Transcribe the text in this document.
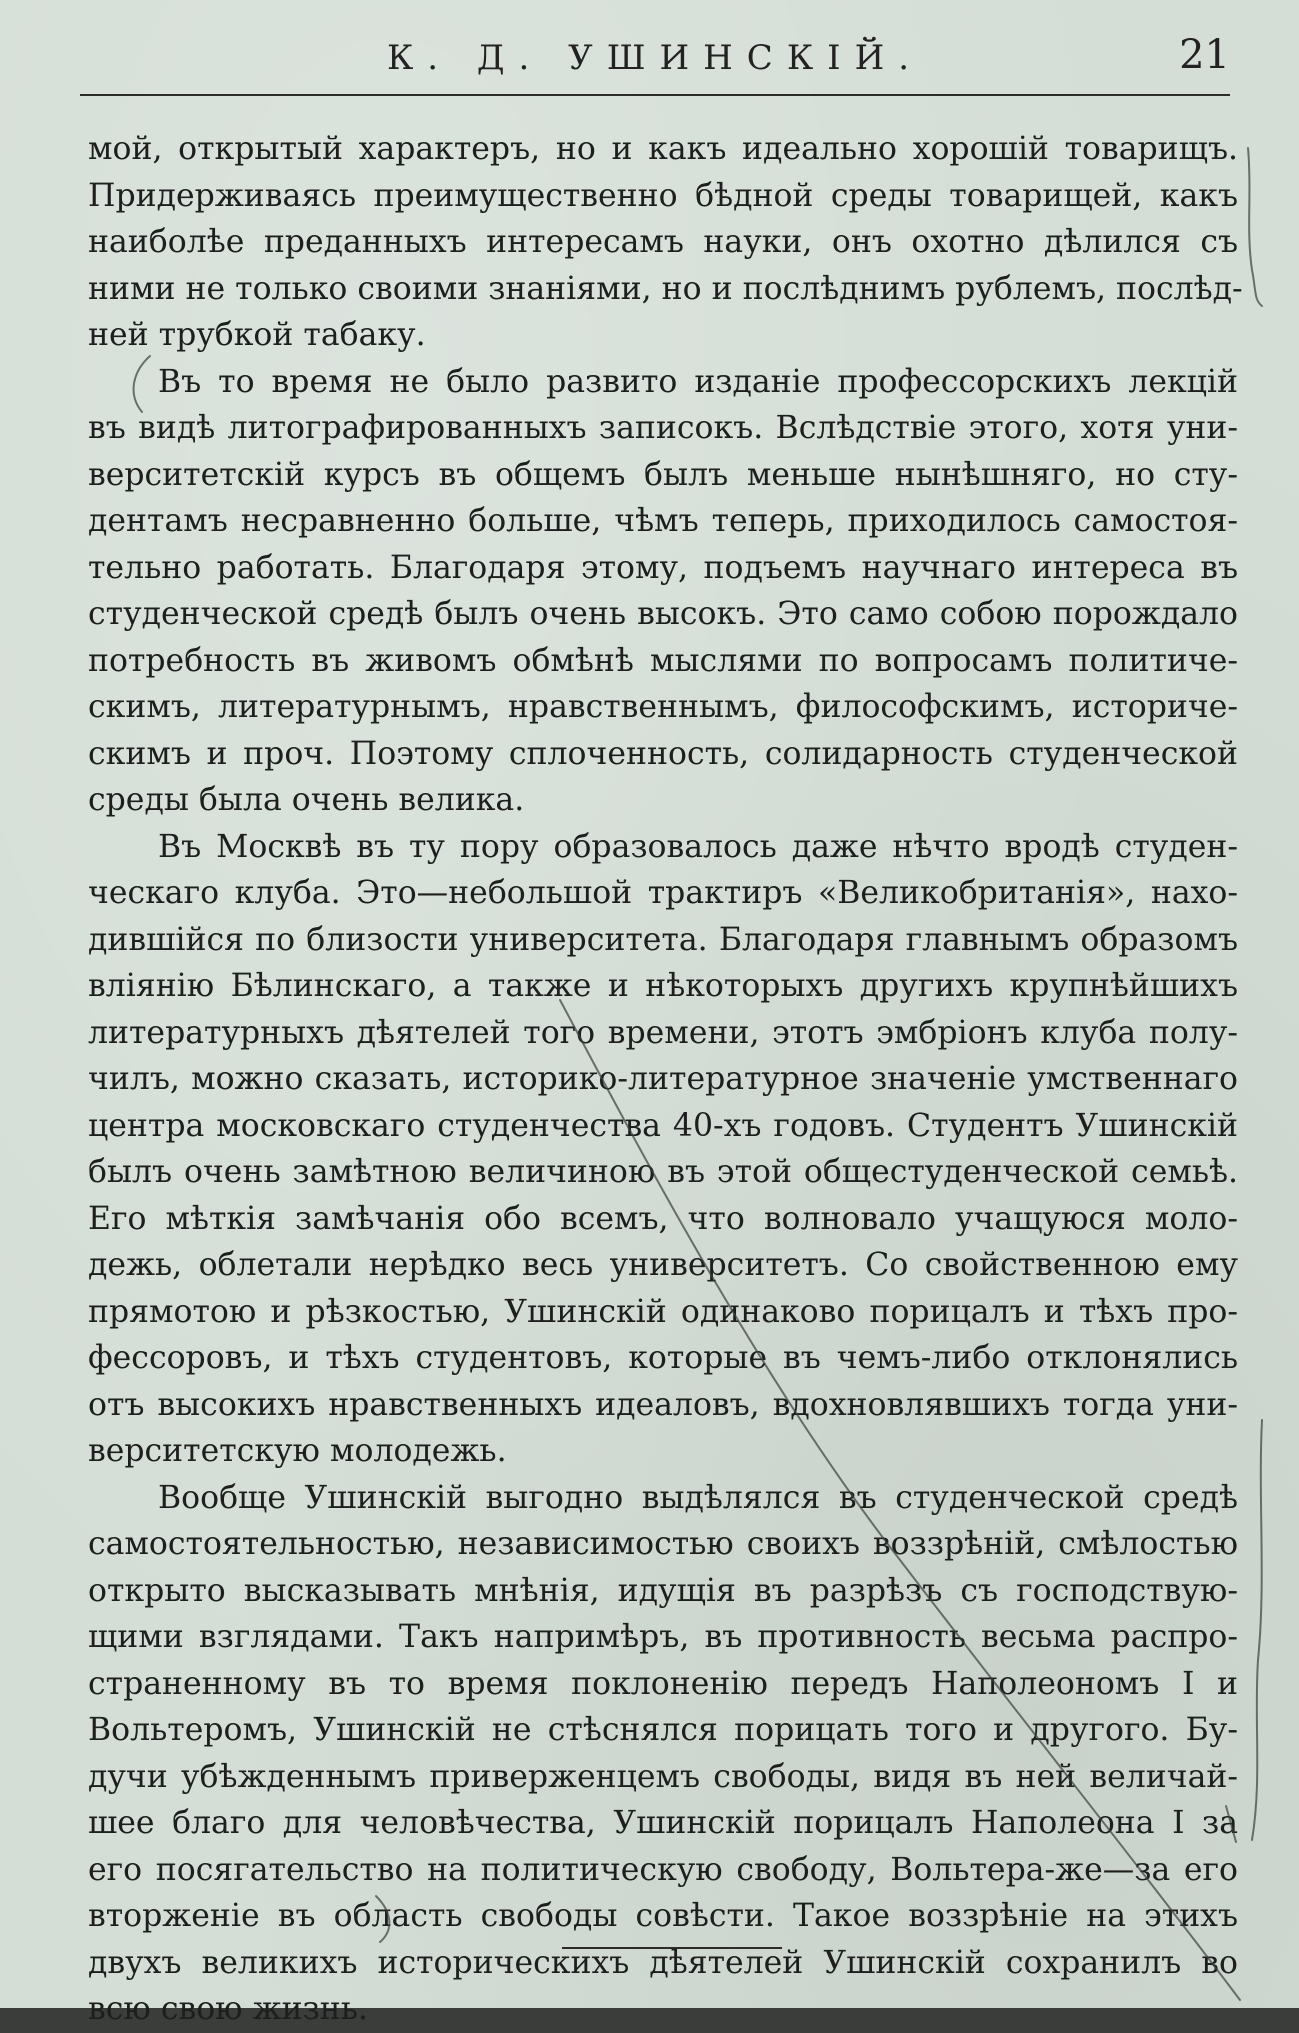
К. Д. УШИНСКІЙ.	21
мой, открытый характеръ, но и какъ идеально хорошій товарищъ.
Придерживаясь преимущественно бѣдной среды товарищей, какъ
наиболѣе преданныхъ интересамъ науки, онъ охотно дѣлился съ
ними не только своими знаніями, но и послѣднимъ рублемъ, послѣд-
ней трубкой табаку.
Въ то время не было развито изданіе профессорскихъ лекцій
въ видѣ литографированныхъ записокъ. Вслѣдствіе этого, хотя уни-
верситетскій курсъ въ общемъ былъ меньше нынѣшняго, но сту-
дентамъ несравненно больше, чѣмъ теперь, приходилось самостоя-
тельно работать. Благодаря этому, подъемъ научнаго интереса въ
студенческой средѣ былъ очень высокъ. Это само собою порождало
потребность въ живомъ обмѣнѣ мыслями по вопросамъ политиче-
скимъ, литературнымъ, нравственнымъ, философскимъ, историче-
скимъ и проч. Поэтому сплоченность, солидарность студенческой
среды была очень велика.
Въ Москвѣ въ ту пору образовалось даже нѣчто вродѣ студен-
ческаго клуба. Это—небольшой трактиръ «Великобританія», нахо-
дившійся по близости университета. Благодаря главнымъ образомъ
вліянію Бѣлинскаго, а также и нѣкоторыхъ другихъ крупнѣйшихъ
литературныхъ дѣятелей того времени, этотъ эмбріонъ клуба полу-
чилъ, можно сказать, историко-литературное значеніе умственнаго
центра московскаго студенчества 40-хъ годовъ. Студентъ Ушинскій
былъ очень замѣтною величиною въ этой общестуденческой семьѣ.
Его мѣткія замѣчанія обо всемъ, что волновало учащуюся моло-
дежь, облетали нерѣдко весь университетъ. Со свойственною ему
прямотою и рѣзкостью, Ушинскій одинаково порицалъ и тѣхъ про-
фессоровъ, и тѣхъ студентовъ, которые въ чемъ-либо отклонялись
отъ высокихъ нравственныхъ идеаловъ, вдохновлявшихъ тогда уни-
верситетскую молодежь.
Вообще Ушинскій выгодно выдѣлялся въ студенческой средѣ
самостоятельностью, независимостью своихъ воззрѣній, смѣлостью
открыто высказывать мнѣнія, идущія въ разрѣзъ съ господствую-
щими взглядами. Такъ напримѣръ, въ противность весьма распро-
страненному въ то время поклоненію передъ Наполеономъ I и
Вольтеромъ, Ушинскій не стѣснялся порицать того и другого. Бу-
дучи убѣжденнымъ приверженцемъ свободы, видя въ ней величай-
шее благо для человѣчества, Ушинскій порицалъ Наполеона I за
его посягательство на политическую свободу, Вольтера-же—за его
вторженіе въ область свободы совѣсти. Такое воззрѣніе на этихъ
двухъ великихъ историческихъ дѣятелей Ушинскій сохранилъ во
всю свою жизнь.
